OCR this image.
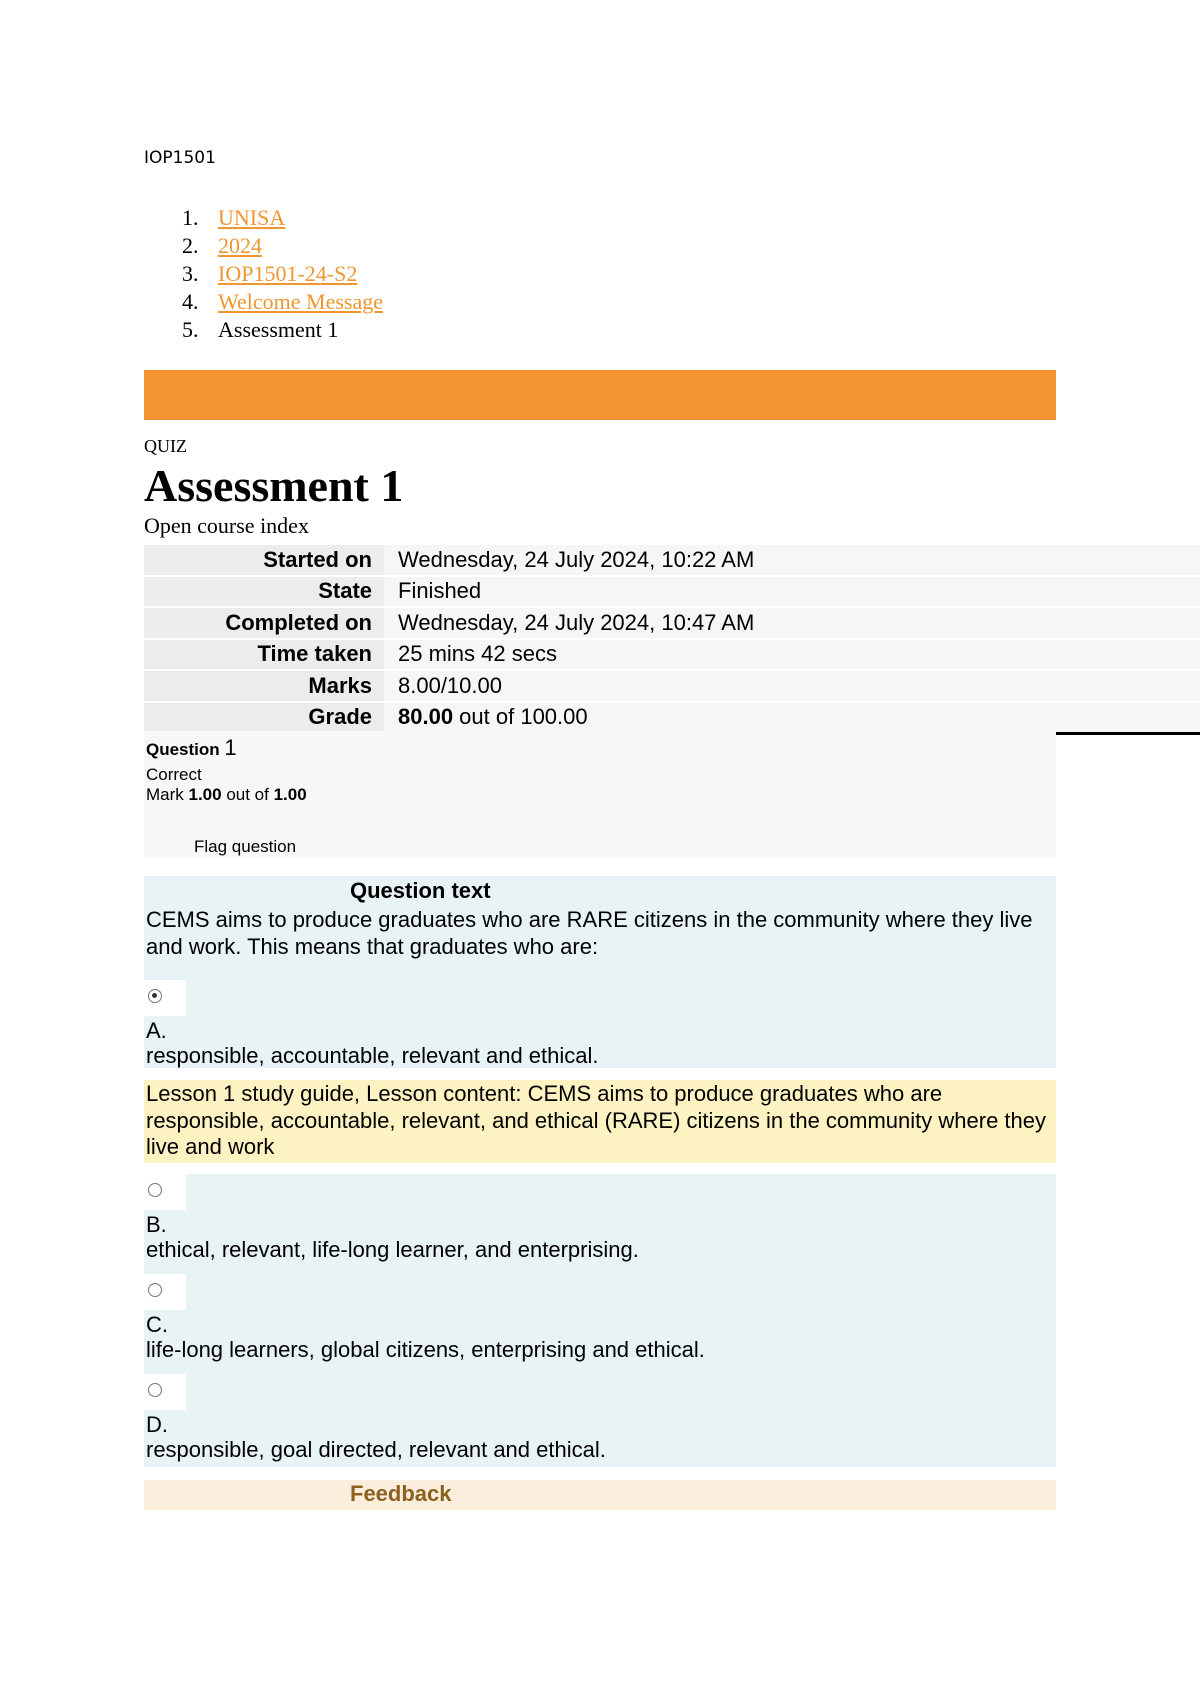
IOP1501
1. UNISA
2. 2024
3. IOP1501-24-S2
4. Welcome Message
5. Assessment 1
QUIZ
Assessment 1
Open course index
Started on	Wednesday, 24 July 2024, 10:22 AM
State	Finished
Completed on	Wednesday, 24 July 2024, 10:47 AM
Time taken	25 mins 42 secs
Marks	8.00/10.00
Grade	80.00 out of 100.00
Question 1
Correct
Mark 1.00 out of 1.00
Flag question
Question text
CEMS aims to produce graduates who are RARE citizens in the community where they live and work. This means that graduates who are:
A.
responsible, accountable, relevant and ethical.
Lesson 1 study guide, Lesson content: CEMS aims to produce graduates who are responsible, accountable, relevant, and ethical (RARE) citizens in the community where they live and work
B.
ethical, relevant, life-long learner, and enterprising.
C.
life-long learners, global citizens, enterprising and ethical.
D.
responsible, goal directed, relevant and ethical.
Feedback
